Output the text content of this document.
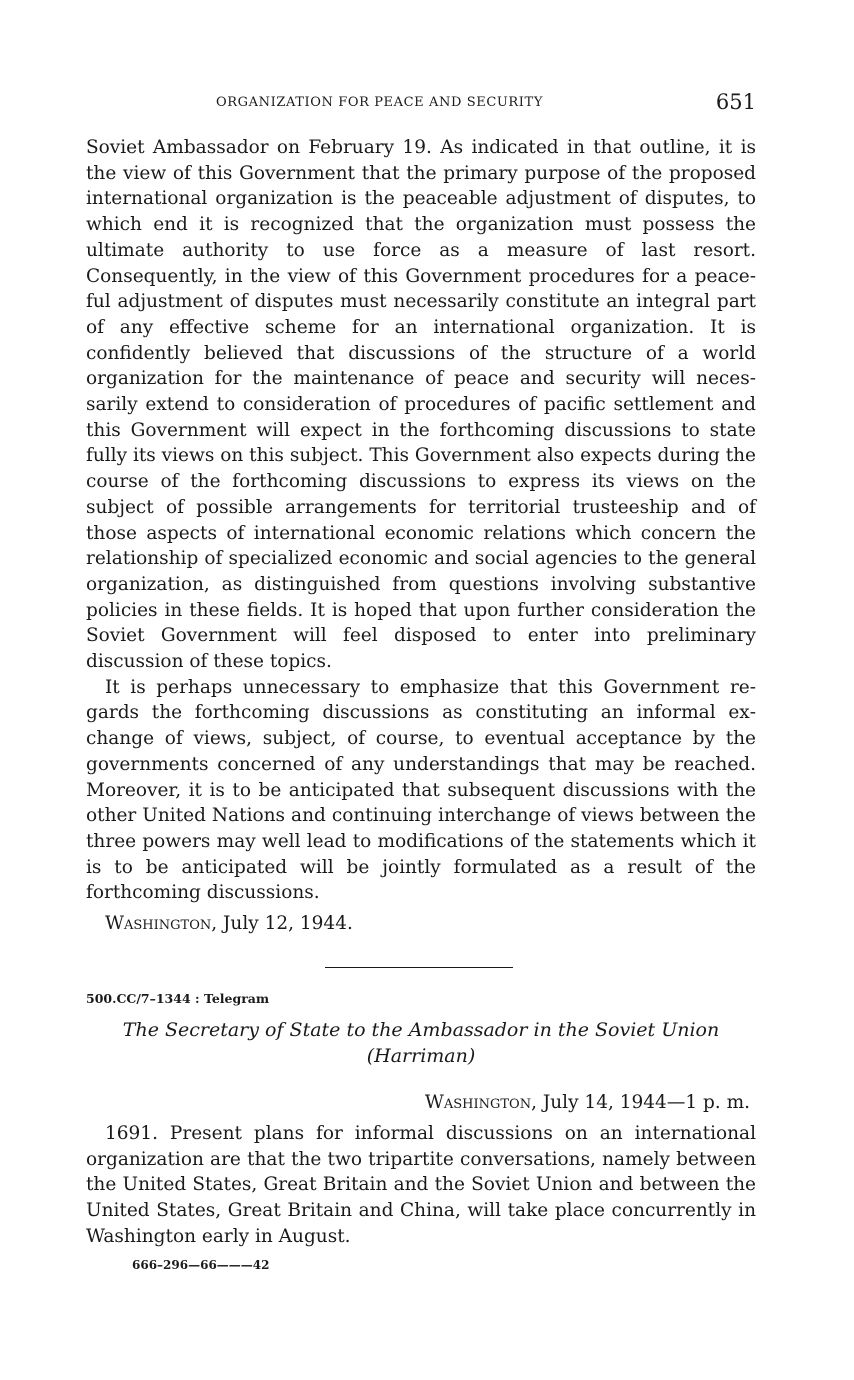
ORGANIZATION FOR PEACE AND SECURITY	651

Soviet Ambassador on February 19. As indicated in that outline, it is the view of this Government that the primary purpose of the proposed international organization is the peaceable adjustment of disputes, to which end it is recognized that the organization must possess the ultimate authority to use force as a measure of last resort. Consequently, in the view of this Government procedures for a peaceful adjustment of disputes must necessarily constitute an integral part of any effective scheme for an international organization. It is confidently believed that discussions of the structure of a world organization for the maintenance of peace and security will necessarily extend to consideration of procedures of pacific settlement and this Government will expect in the forthcoming discussions to state fully its views on this subject. This Government also expects during the course of the forthcoming discussions to express its views on the subject of possible arrangements for territorial trusteeship and of those aspects of international economic relations which concern the relationship of specialized economic and social agencies to the general organization, as distinguished from questions involving substantive policies in these fields. It is hoped that upon further consideration the Soviet Government will feel disposed to enter into preliminary discussion of these topics.

It is perhaps unnecessary to emphasize that this Government regards the forthcoming discussions as constituting an informal exchange of views, subject, of course, to eventual acceptance by the governments concerned of any understandings that may be reached. Moreover, it is to be anticipated that subsequent discussions with the other United Nations and continuing interchange of views between the three powers may well lead to modifications of the statements which it is to be anticipated will be jointly formulated as a result of the forthcoming discussions.

Washington, July 12, 1944.
500.CC/7–1344 : Telegram
The Secretary of State to the Ambassador in the Soviet Union
(Harriman)
Washington, July 14, 1944—1 p. m.

1691. Present plans for informal discussions on an international organization are that the two tripartite conversations, namely between the United States, Great Britain and the Soviet Union and between the United States, Great Britain and China, will take place concurrently in Washington early in August.

666–296—66———42
